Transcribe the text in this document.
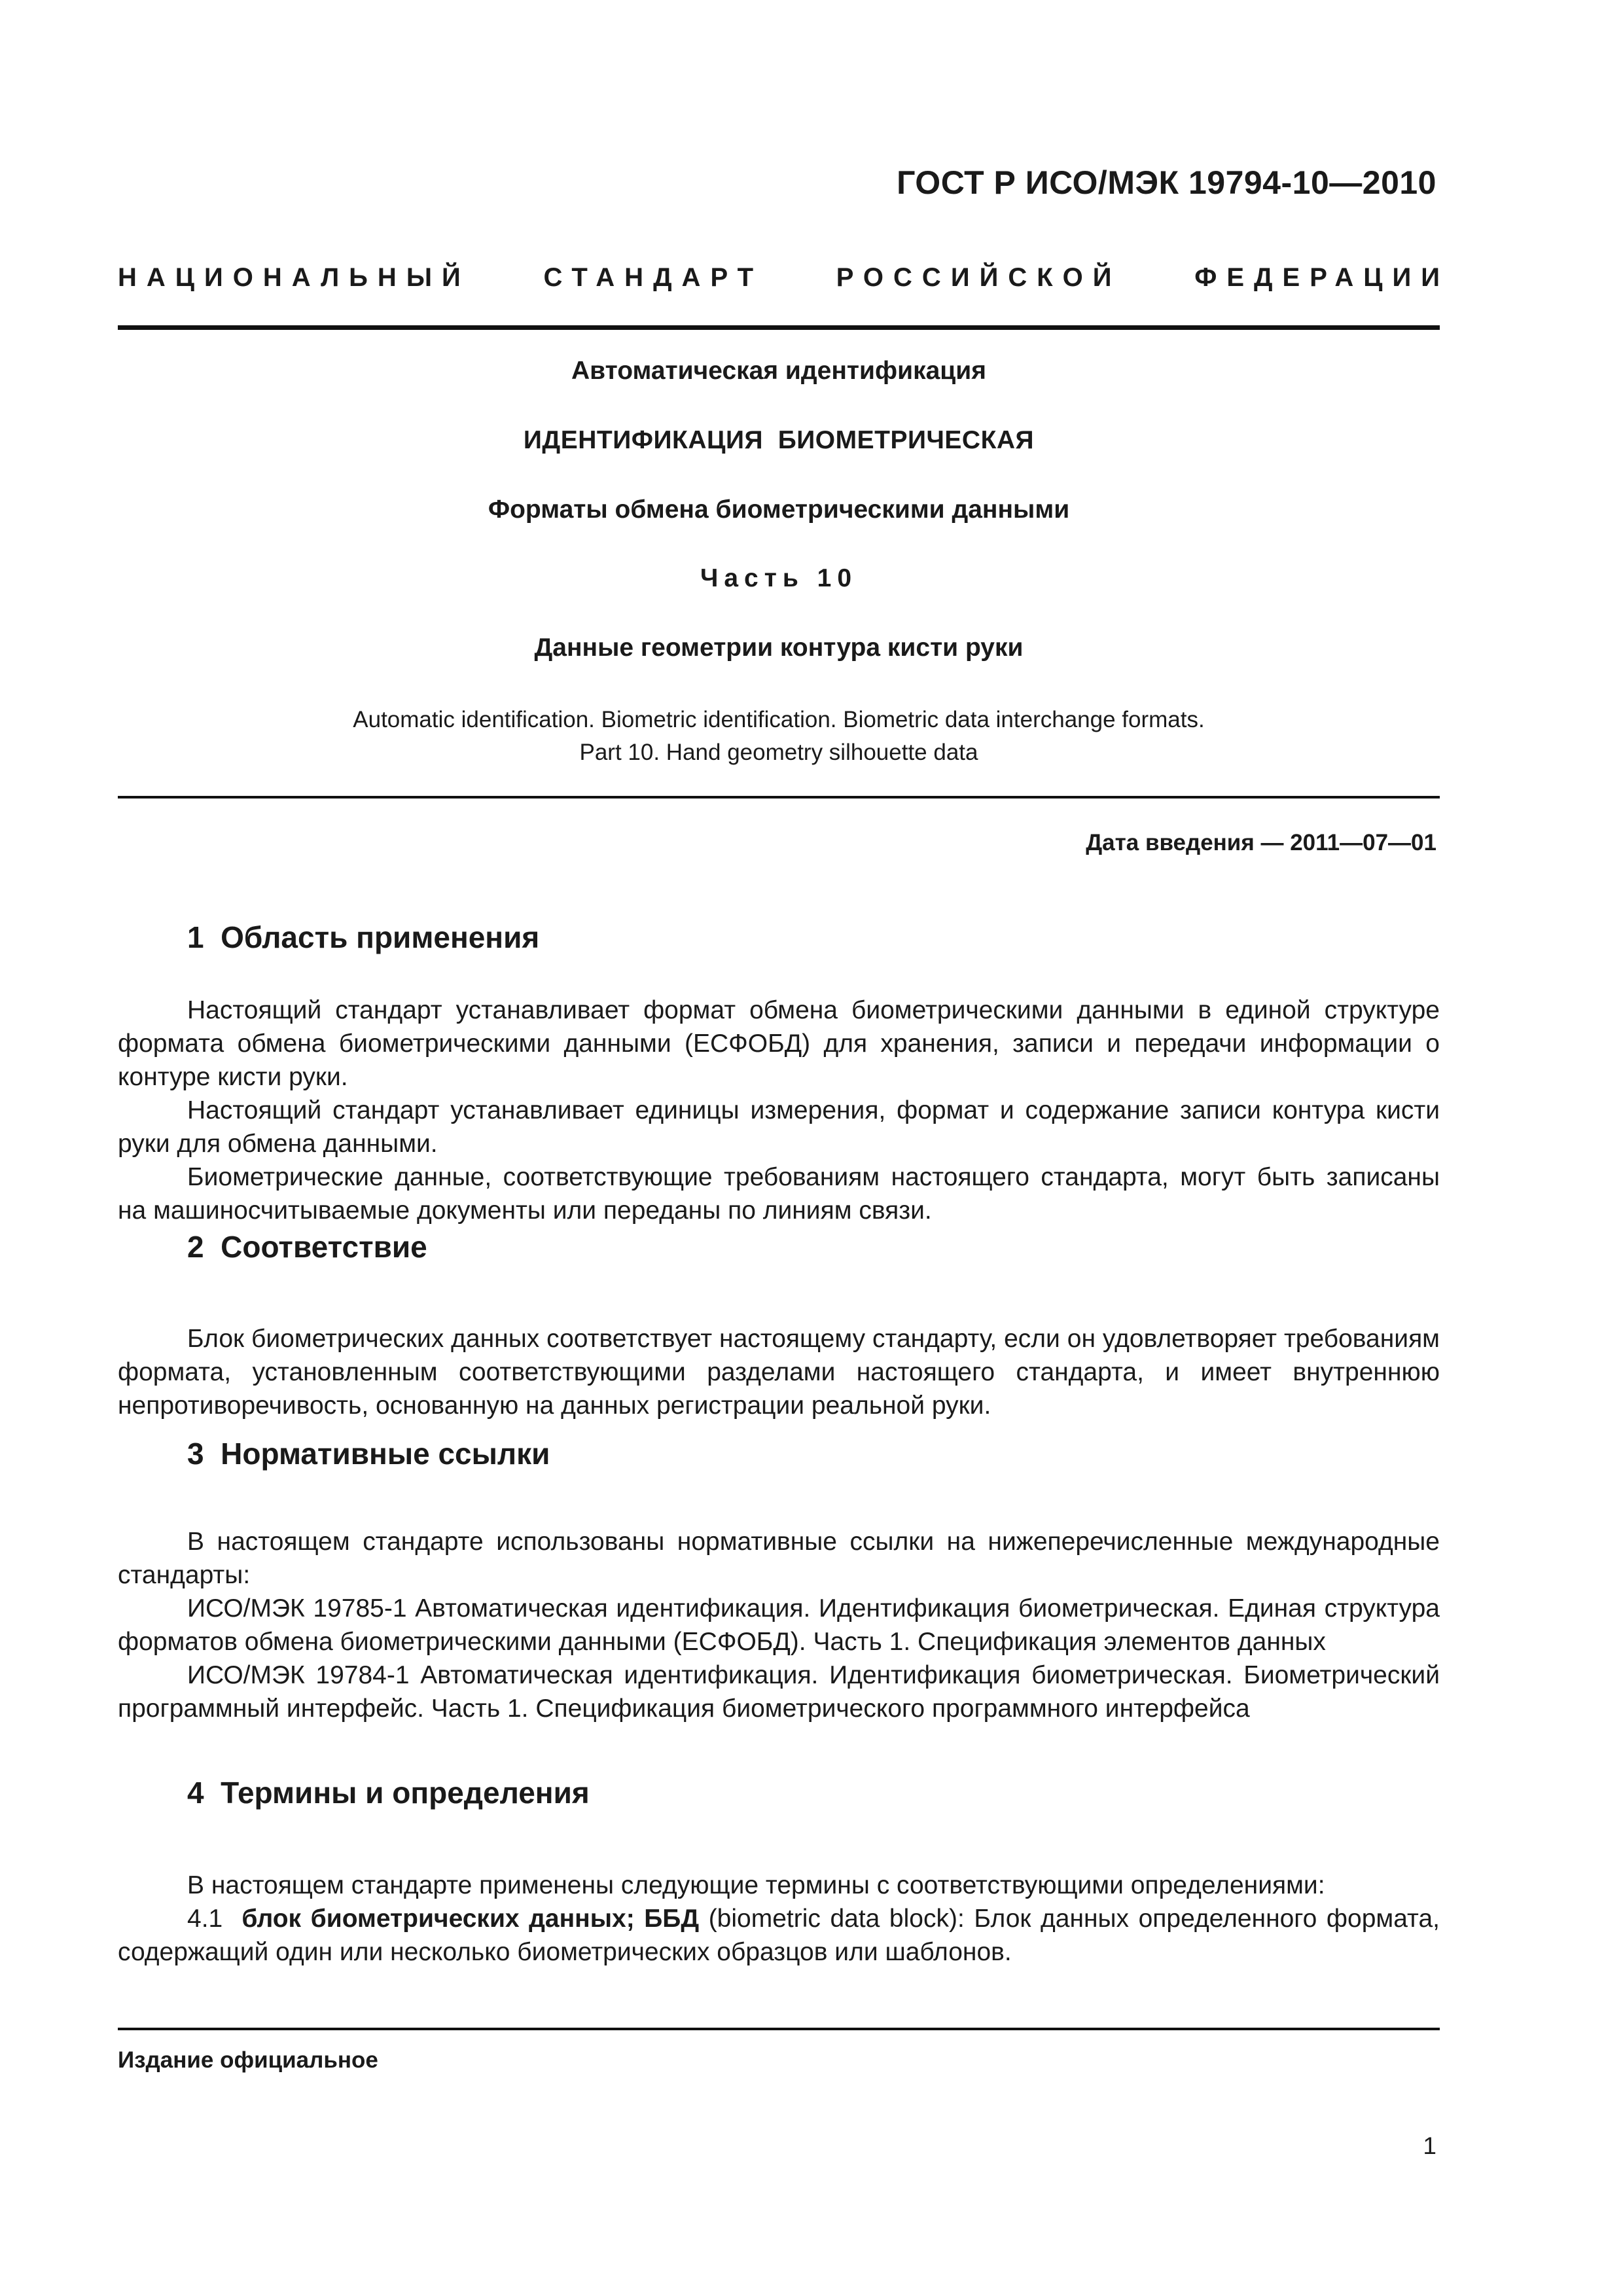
ГОСТ Р ИСО/МЭК 19794-10—2010
НАЦИОНАЛЬНЫЙ	СТАНДАРТ	РОССИЙСКОЙ	ФЕДЕРАЦИИ
Автоматическая идентификация
ИДЕНТИФИКАЦИЯ  БИОМЕТРИЧЕСКАЯ
Форматы обмена биометрическими данными
Часть 10
Данные геометрии контура кисти руки
Automatic identification. Biometric identification. Biometric data interchange formats.
Part 10. Hand geometry silhouette data
Дата введения — 2011—07—01
1  Область применения

Настоящий стандарт устанавливает формат обмена биометрическими данными в единой структуре формата обмена биометрическими данными (ЕСФОБД) для хранения, записи и передачи информации о контуре кисти руки.

Настоящий стандарт устанавливает единицы измерения, формат и содержание записи контура кисти руки для обмена данными.

Биометрические данные, соответствующие требованиям настоящего стандарта, могут быть записаны на машиносчитываемые документы или переданы по линиям связи.

2  Соответствие

Блок биометрических данных соответствует настоящему стандарту, если он удовлетворяет требованиям формата, установленным соответствующими разделами настоящего стандарта, и имеет внутреннюю непротиворечивость, основанную на данных регистрации реальной руки.

3  Нормативные ссылки

В настоящем стандарте использованы нормативные ссылки на нижеперечисленные международные стандарты:

ИСО/МЭК 19785-1 Автоматическая идентификация. Идентификация биометрическая. Единая структура форматов обмена биометрическими данными (ЕСФОБД). Часть 1. Спецификация элементов данных

ИСО/МЭК 19784-1 Автоматическая идентификация. Идентификация биометрическая. Биометрический программный интерфейс. Часть 1. Спецификация биометрического программного интерфейса

4  Термины и определения

В настоящем стандарте применены следующие термины с соответствующими определениями:

4.1 блок биометрических данных; ББД (biometric data block): Блок данных определенного формата, содержащий один или несколько биометрических образцов или шаблонов.

Издание официальное
1
